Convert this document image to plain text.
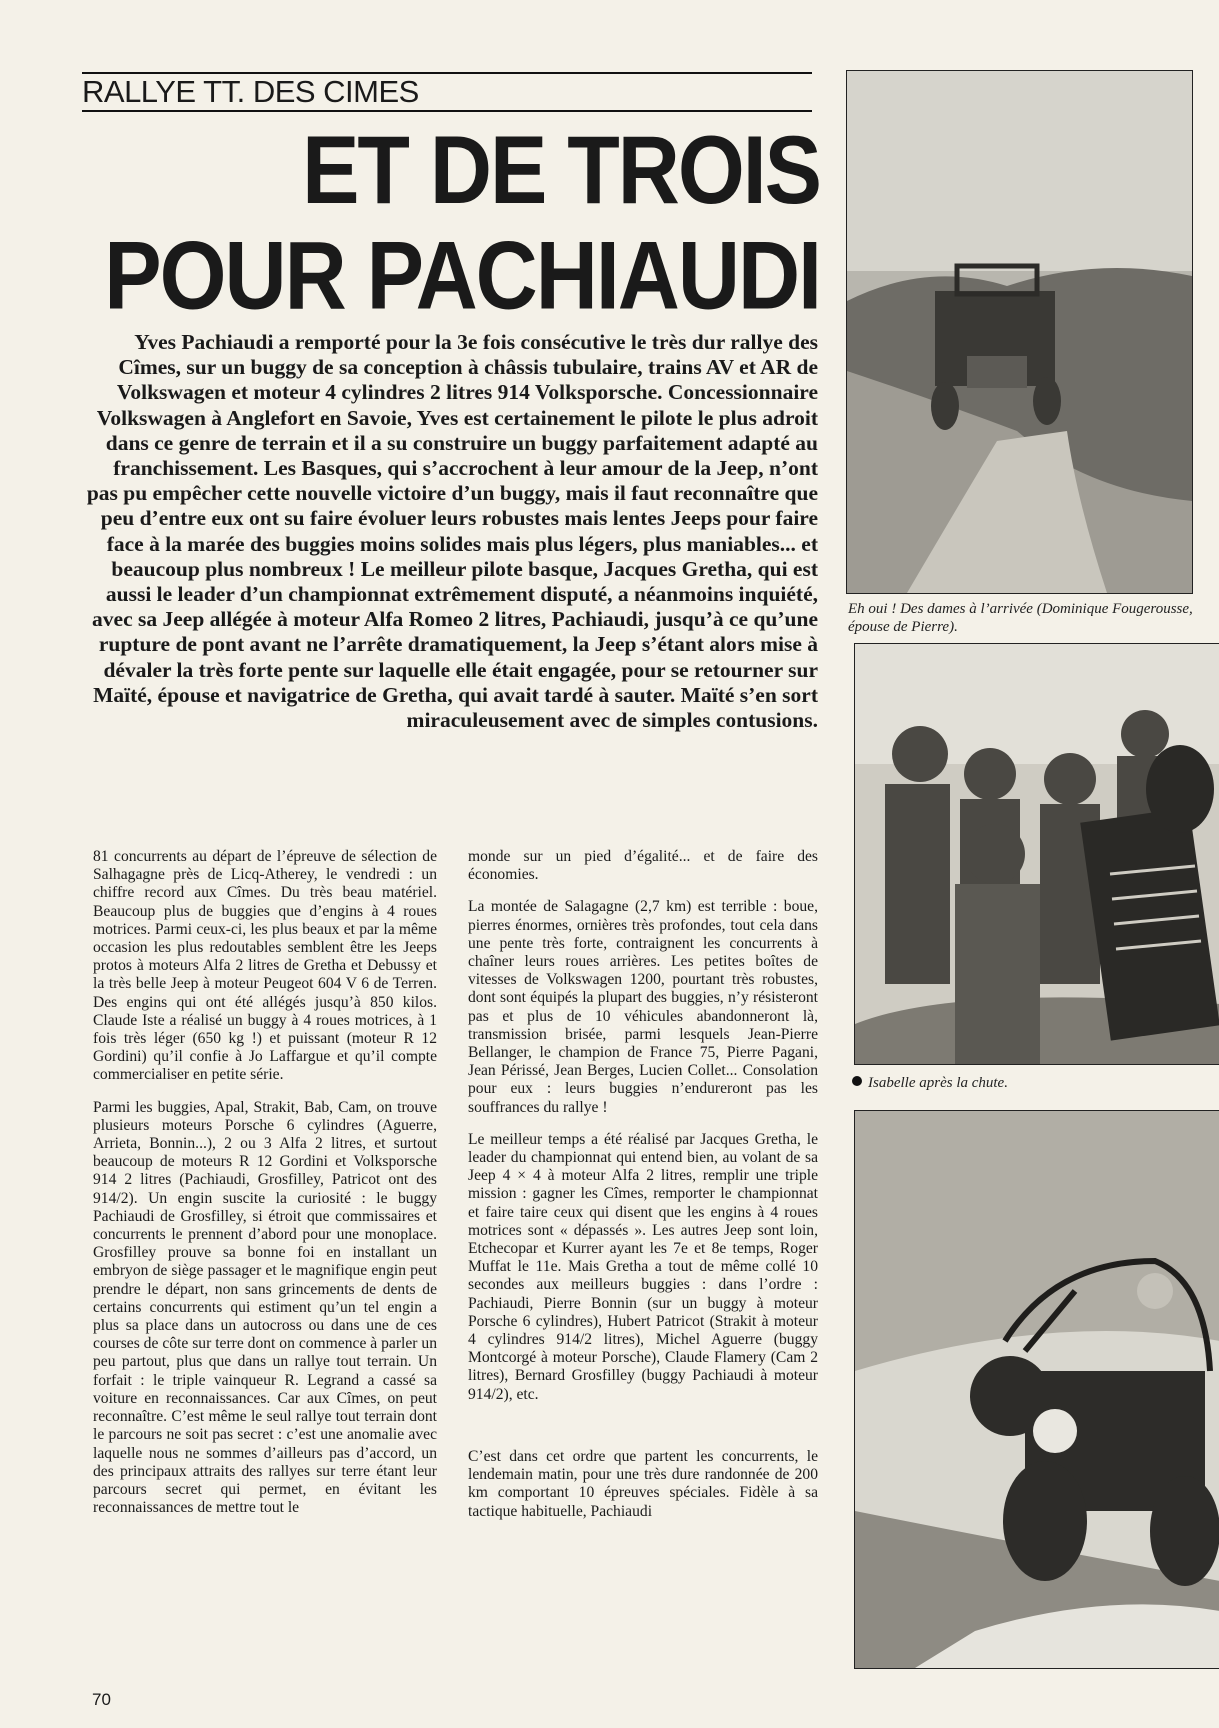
RALLYE TT. DES CIMES
ET DE TROIS
POUR PACHIAUDI
Yves Pachiaudi a remporté pour la 3e fois consécutive le très dur rallye des Cîmes, sur un buggy de sa conception à châssis tubulaire, trains AV et AR de Volkswagen et moteur 4 cylindres 2 litres 914 Volksporsche. Concessionnaire Volkswagen à Anglefort en Savoie, Yves est certainement le pilote le plus adroit dans ce genre de terrain et il a su construire un buggy parfaitement adapté au franchissement. Les Basques, qui s’accrochent à leur amour de la Jeep, n’ont pas pu empêcher cette nouvelle victoire d’un buggy, mais il faut reconnaître que peu d’entre eux ont su faire évoluer leurs robustes mais lentes Jeeps pour faire face à la marée des buggies moins solides mais plus légers, plus maniables... et beaucoup plus nombreux ! Le meilleur pilote basque, Jacques Gretha, qui est aussi le leader d’un championnat extrêmement disputé, a néanmoins inquiété, avec sa Jeep allégée à moteur Alfa Romeo 2 litres, Pachiaudi, jusqu’à ce qu’une rupture de pont avant ne l’arrête dramatiquement, la Jeep s’étant alors mise à dévaler la très forte pente sur laquelle elle était engagée, pour se retourner sur Maïté, épouse et navigatrice de Gretha, qui avait tardé à sauter. Maïté s’en sort miraculeusement avec de simples contusions.

81 concurrents au départ de l’épreuve de sélection de Salhagagne près de Licq-Atherey, le vendredi : un chiffre record aux Cîmes. Du très beau matériel. Beaucoup plus de buggies que d’engins à 4 roues motrices. Parmi ceux-ci, les plus beaux et par la même occasion les plus redoutables semblent être les Jeeps protos à moteurs Alfa 2 litres de Gretha et Debussy et la très belle Jeep à moteur Peugeot 604 V 6 de Terren. Des engins qui ont été allégés jusqu’à 850 kilos. Claude Iste a réalisé un buggy à 4 roues motrices, à 1 fois très léger (650 kg !) et puissant (moteur R 12 Gordini) qu’il confie à Jo Laffargue et qu’il compte commercialiser en petite série.

Parmi les buggies, Apal, Strakit, Bab, Cam, on trouve plusieurs moteurs Porsche 6 cylindres (Aguerre, Arrieta, Bonnin...), 2 ou 3 Alfa 2 litres, et surtout beaucoup de moteurs R 12 Gordini et Volksporsche 914 2 litres (Pachiaudi, Grosfilley, Patricot ont des 914/2). Un engin suscite la curiosité : le buggy Pachiaudi de Grosfilley, si étroit que commissaires et concurrents le prennent d’abord pour une monoplace. Grosfilley prouve sa bonne foi en installant un embryon de siège passager et le magnifique engin peut prendre le départ, non sans grincements de dents de certains concurrents qui estiment qu’un tel engin a plus sa place dans un autocross ou dans une de ces courses de côte sur terre dont on commence à parler un peu partout, plus que dans un rallye tout terrain. Un forfait : le triple vainqueur R. Legrand a cassé sa voiture en reconnaissances. Car aux Cîmes, on peut reconnaître. C’est même le seul rallye tout terrain dont le parcours ne soit pas secret : c’est une anomalie avec laquelle nous ne sommes d’ailleurs pas d’accord, un des principaux attraits des rallyes sur terre étant leur parcours secret qui permet, en évitant les reconnaissances de mettre tout le

monde sur un pied d’égalité... et de faire des économies.

La montée de Salagagne (2,7 km) est terrible : boue, pierres énormes, ornières très profondes, tout cela dans une pente très forte, contraignent les concurrents à chaîner leurs roues arrières. Les petites boîtes de vitesses de Volkswagen 1200, pourtant très robustes, dont sont équipés la plupart des buggies, n’y résisteront pas et plus de 10 véhicules abandonneront là, transmission brisée, parmi lesquels Jean-Pierre Bellanger, le champion de France 75, Pierre Pagani, Jean Périssé, Jean Berges, Lucien Collet... Consolation pour eux : leurs buggies n’endureront pas les souffrances du rallye !

Le meilleur temps a été réalisé par Jacques Gretha, le leader du championnat qui entend bien, au volant de sa Jeep 4 × 4 à moteur Alfa 2 litres, remplir une triple mission : gagner les Cîmes, remporter le championnat et faire taire ceux qui disent que les engins à 4 roues motrices sont « dépassés ». Les autres Jeep sont loin, Etchecopar et Kurrer ayant les 7e et 8e temps, Roger Muffat le 11e. Mais Gretha a tout de même collé 10 secondes aux meilleurs buggies : dans l’ordre : Pachiaudi, Pierre Bonnin (sur un buggy à moteur Porsche 6 cylindres), Hubert Patricot (Strakit à moteur 4 cylindres 914/2 litres), Michel Aguerre (buggy Montcorgé à moteur Porsche), Claude Flamery (Cam 2 litres), Bernard Grosfilley (buggy Pachiaudi à moteur 914/2), etc.

C’est dans cet ordre que partent les concurrents, le lendemain matin, pour une très dure randonnée de 200 km comportant 10 épreuves spéciales. Fidèle à sa tactique habituelle, Pachiaudi

70
Eh oui ! Des dames à l’arrivée (Dominique Fougerousse, épouse de Pierre).
Isabelle après la chute.
